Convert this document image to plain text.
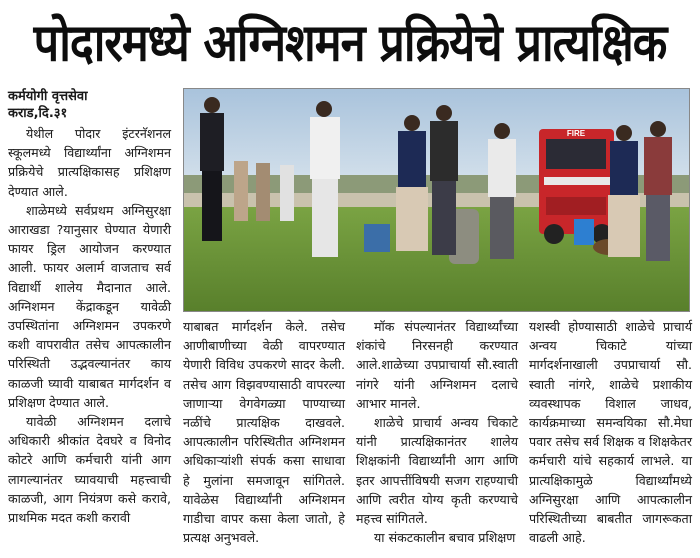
पोदारमध्ये अग्निशमन प्रक्रियेचे प्रात्यक्षिक
कर्मयोगी वृत्तसेवा
कराड,दि.३१

येथील पोदार इंटरनॅशनल स्कूलमध्ये विद्यार्थ्यांना अग्निशमन प्रक्रियेचे प्रात्यक्षिकासह प्रशिक्षण देण्यात आले.

शाळेमध्ये सर्वप्रथम अग्निसुरक्षा आराखडा ?यानुसार घेण्यात येणारी फायर ड्रिल आयोजन करण्यात आली. फायर अलार्म वाजताच सर्व विद्यार्थी शालेय मैदानात आले. अग्निशमन केंद्राकडून यावेळी उपस्थितांना अग्निशमन उपकरणे कशी वापरावीत तसेच आपत्कालीन परिस्थिती उद्भवल्यानंतर काय काळजी घ्यावी याबाबत मार्गदर्शन व प्रशिक्षण देण्यात आले.

यावेळी अग्निशमन दलाचे अधिकारी श्रीकांत देवघरे व विनोद कोटरे आणि कर्मचारी यांनी आग लागल्यानंतर घ्यावयाची महत्त्वाची काळजी, आग नियंत्रण कसे करावे, प्राथमिक मदत कशी करावी

FIRE

याबाबत मार्गदर्शन केले. तसेच आणीबाणीच्या वेळी वापरण्यात येणारी विविध उपकरणे सादर केली. तसेच आग विझवण्यासाठी वापरल्या जाणाऱ्या वेगवेगळ्या पाण्याच्या नळींचे प्रात्यक्षिक दाखवले. आपत्कालीन परिस्थितीत अग्निशमन अधिकाऱ्यांशी संपर्क कसा साधावा हे मुलांना समजावून सांगितले. यावेळेस विद्यार्थ्यांनी अग्निशमन गाडीचा वापर कसा केला जातो, हे प्रत्यक्ष अनुभवले.

मॉक संपल्यानंतर विद्यार्थ्यांच्या शंकांचे निरसनही करण्यात आले.शाळेच्या उपप्राचार्या सौ.स्वाती नांगरे यांनी अग्निशमन दलाचे आभार मानले.

शाळेचे प्राचार्य अन्वय चिकाटे यांनी प्रात्यक्षिकानंतर शालेय शिक्षकांनी विद्यार्थ्यांनी आग आणि इतर आपत्तींविषयी सजग राहण्याची आणि त्वरीत योग्य कृती करण्याचे महत्त्व सांगितले.

या संकटकालीन बचाव प्रशिक्षण

यशस्वी होण्यासाठी शाळेचे प्राचार्य अन्वय चिकाटे यांच्या मार्गदर्शनाखाली उपप्राचार्या सौ. स्वाती नांगरे, शाळेचे प्रशाकीय व्यवस्थापक विशाल जाधव, कार्यक्रमाच्या समन्वयिका सौ.मेघा पवार तसेच सर्व शिक्षक व शिक्षकेतर कर्मचारी यांचे सहकार्य लाभले. या प्रात्यक्षिकामुळे विद्यार्थ्यांमध्ये अग्निसुरक्षा आणि आपत्कालीन परिस्थितीच्या बाबतीत जागरूकता वाढली आहे.
